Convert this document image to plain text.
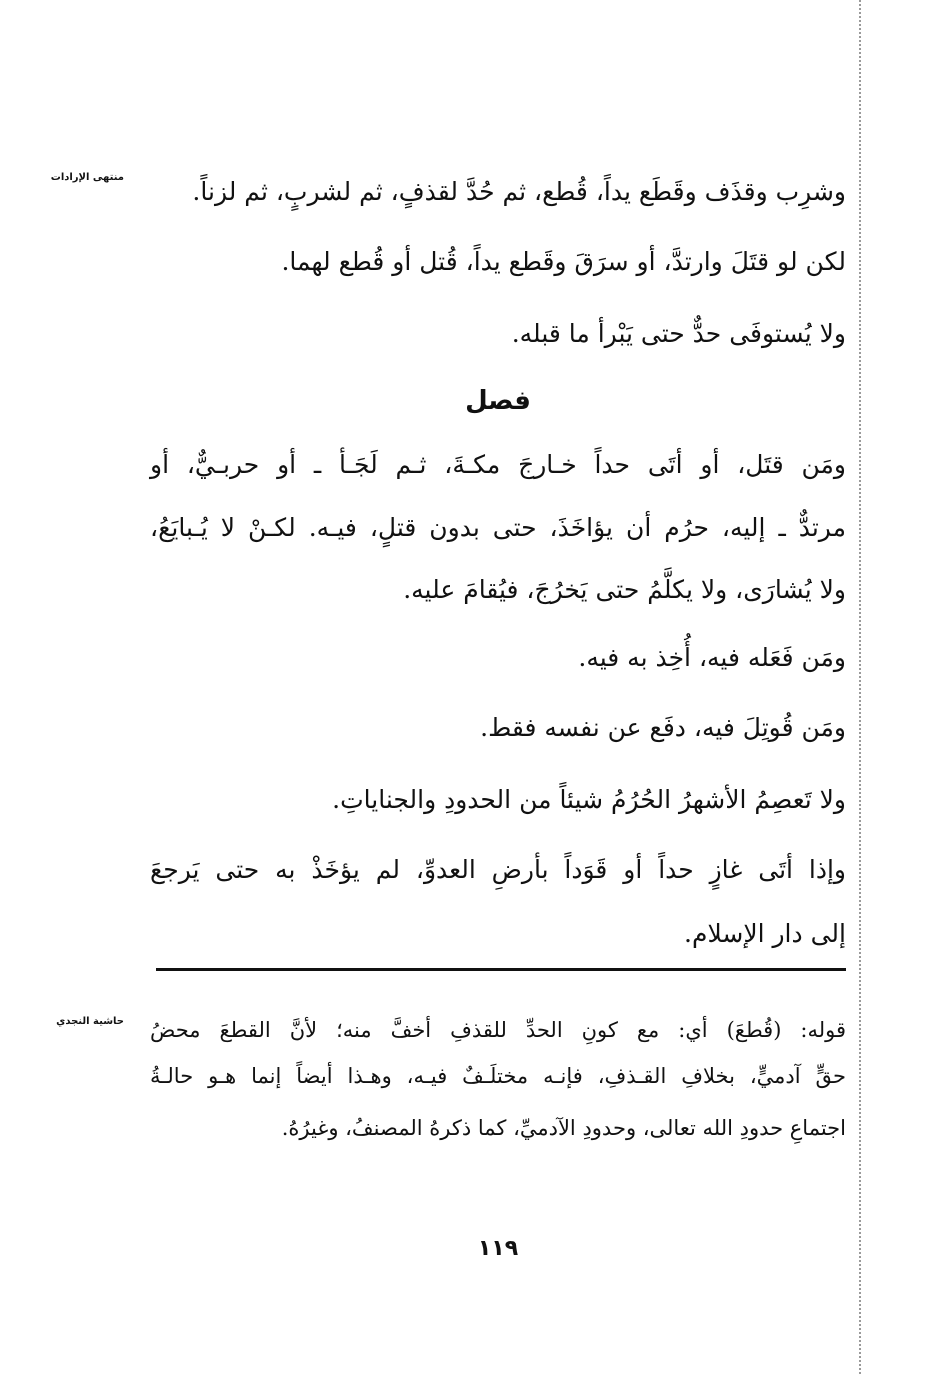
منتهى الإرادات	وشرِب وقذَف وقَطَع يداً، قُطع، ثم حُدَّ لقذفٍ، ثم لشربٍ، ثم لزناً.
لكن لو قتَلَ وارتدَّ، أو سرَقَ وقَطع يداً، قُتل أو قُطع لهما.
ولا يُستوفَى حدٌّ حتى يَبْرأ ما قبله.
فصل
ومَن قتَل، أو أتَى حداً خـارجَ مكـةَ، ثـم لَجَـأ ـ أو حربـيٌّ، أو
مرتدٌّ ـ إليه، حرُم أن يؤاخَذَ، حتى بدون قتلٍ، فيـه. لكـنْ لا يُـبايَعُ،
ولا يُشارَى، ولا يكلَّمُ حتى يَخرُجَ، فيُقامَ عليه.
ومَن فَعَله فيه، أُخِذ به فيه.
ومَن قُوتِلَ فيه، دفَع عن نفسه فقط.
ولا تَعصِمُ الأشهرُ الحُرُمُ شيئاً من الحدودِ والجناياتِ.
وإذا أتَى غازٍ حداً أو قَوَداً بأرضِ العدوِّ، لم يؤخَذْ به حتى يَرجعَ
إلى دار الإسلام.
حاشية النجدي قوله: (قُطعَ) أي: مع كونِ الحدِّ للقذفِ أخفَّ منه؛ لأنَّ القطعَ محضُ
حقٍّ آدميٍّ، بخلافِ القـذفِ، فإنـه مختلَـفٌ فيـه، وهـذا أيضاً إنما هـو حالـةُ
اجتماعِ حدودِ الله تعالى، وحدودِ الآدميِّ، كما ذكرهُ المصنفُ، وغيرُهُ.
١١٩
